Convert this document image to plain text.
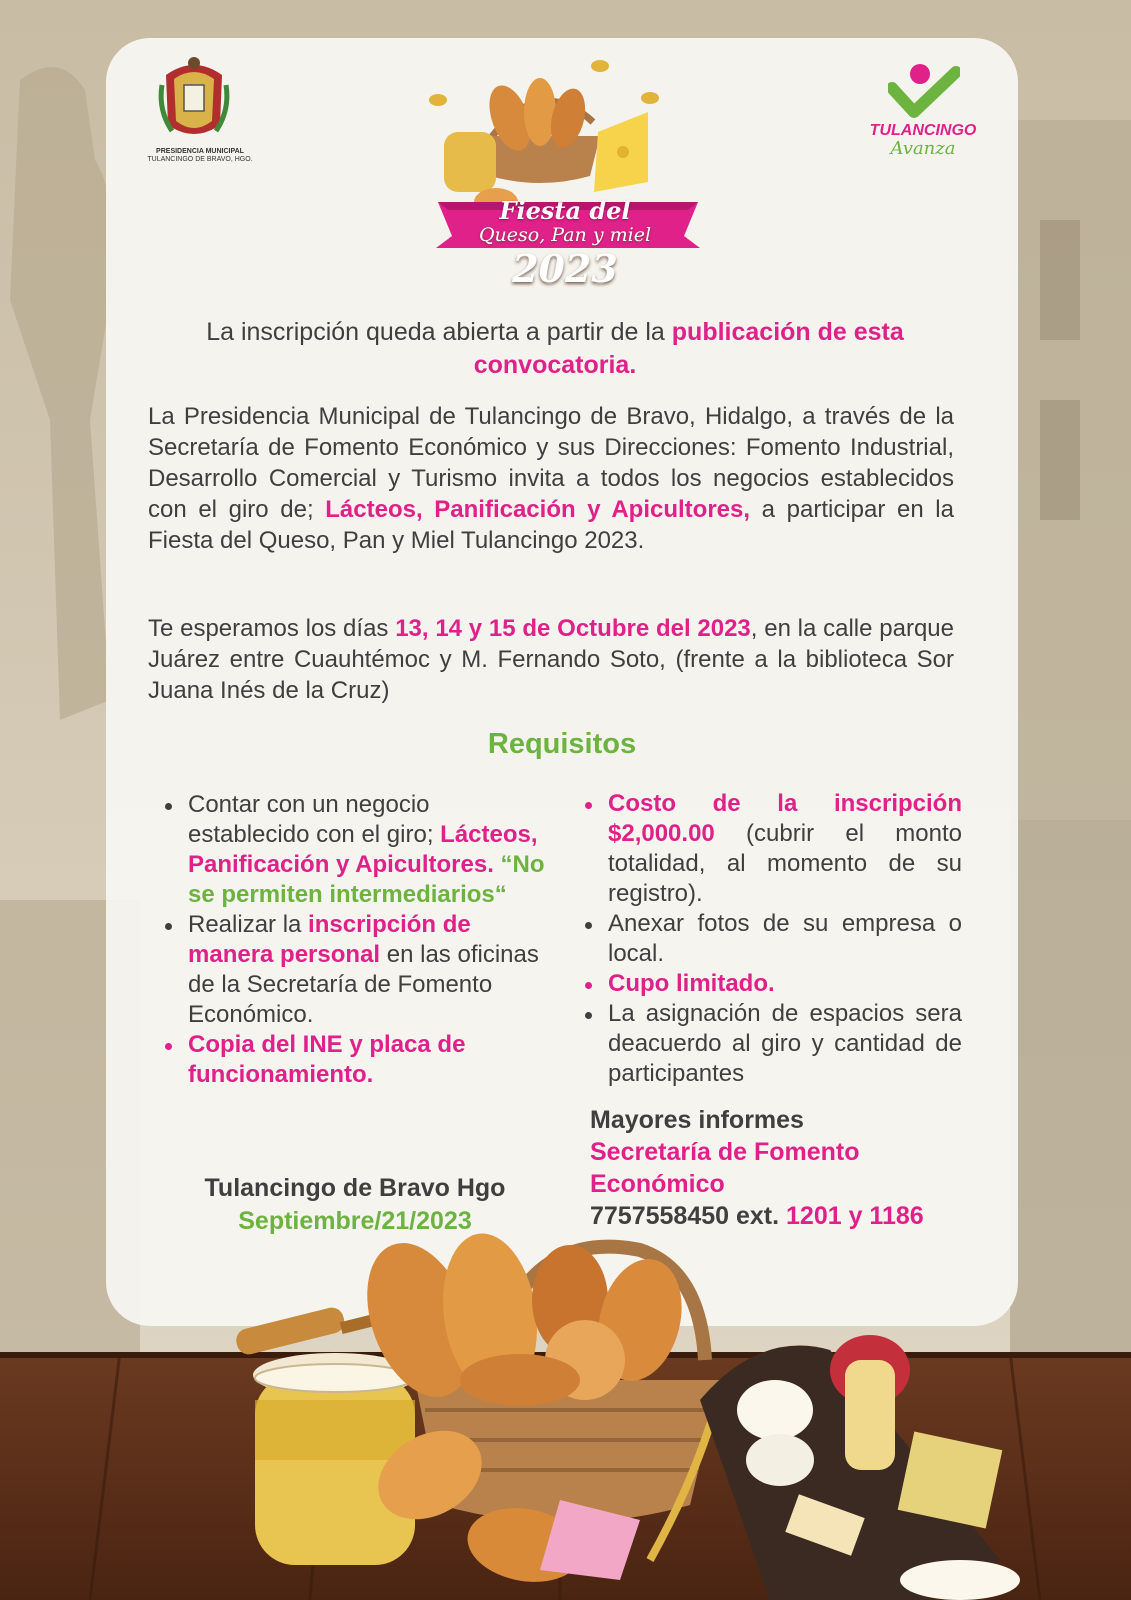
PRESIDENCIA MUNICIPAL
TULANCINGO DE BRAVO, HGO.
Fiesta del
Queso, Pan y miel
2023
TULANCINGO
Avanza
La inscripción queda abierta a partir de la publicación de esta convocatoria.
La Presidencia Municipal de Tulancingo de Bravo, Hidalgo, a través de la Secretaría de Fomento Económico y sus Direcciones: Fomento Industrial, Desarrollo Comercial y Turismo invita a todos los negocios establecidos con el giro de; Lácteos, Panificación y Apicultores, a participar en la Fiesta del Queso, Pan y Miel Tulancingo 2023.
Te esperamos los días 13, 14 y 15 de Octubre del 2023, en la calle parque Juárez entre Cuauhtémoc y M. Fernando Soto, (frente a la biblioteca Sor Juana Inés de la Cruz)
Requisitos
Contar con un negocio establecido con el giro; Lácteos, Panificación y Apicultores. “No se permiten intermediarios“
Realizar la inscripción de manera personal en las oficinas de la Secretaría de Fomento Económico.
Copia del INE y placa de funcionamiento.
Costo de la inscripción $2,000.00 (cubrir el monto totalidad, al momento de su registro).
Anexar fotos de su empresa o local.
Cupo limitado.
La asignación de espacios sera deacuerdo al giro y cantidad de participantes
Tulancingo de Bravo Hgo
Septiembre/21/2023
Mayores informes
Secretaría de Fomento Económico
7757558450 ext. 1201 y 1186
